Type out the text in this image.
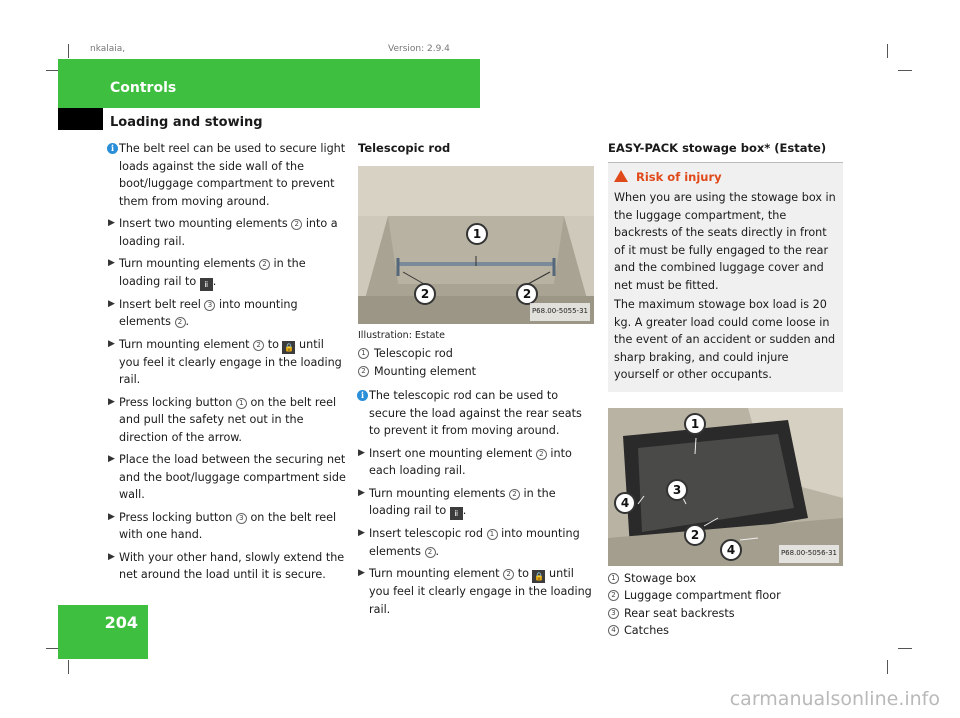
nkalaia,	Version: 2.9.4
Controls
Loading and stowing
i The belt reel can be used to secure light loads against the side wall of the boot/luggage compartment to prevent them from moving around.
▶ Insert two mounting elements 2 into a loading rail.
▶ Turn mounting elements 2 in the loading rail to ⅱ .
▶ Insert belt reel 3 into mounting elements 2 .
▶ Turn mounting element 2 to 🔒 until you feel it clearly engage in the loading rail.
▶ Press locking button 1 on the belt reel and pull the safety net out in the direction of the arrow.
▶ Place the load between the securing net and the boot/luggage compartment side wall.
▶ Press locking button 3 on the belt reel with one hand.
▶ With your other hand, slowly extend the net around the load until it is secure.
Telescopic rod
1
2	2
P68.00-5055-31
Illustration: Estate
1 Telescopic rod
2 Mounting element
i The telescopic rod can be used to secure the load against the rear seats to prevent it from moving around.
▶ Insert one mounting element 2 into each loading rail.
▶ Turn mounting elements 2 in the loading rail to ⅱ .
▶ Insert telescopic rod 1 into mounting elements 2 .
▶ Turn mounting element 2 to 🔒 until you feel it clearly engage in the loading rail.
EASY-PACK stowage box* (Estate)
Risk of injury
When you are using the stowage box in the luggage compartment, the backrests of the seats directly in front of it must be fully engaged to the rear and the combined luggage cover and net must be fitted.
The maximum stowage box load is 20 kg. A greater load could come loose in the event of an accident or sudden and sharp braking, and could injure yourself or other occupants.
1
3
4
2
4	P68.00-5056-31
1 Stowage box
2 Luggage compartment floor
3 Rear seat backrests
4 Catches
204
carmanualsonline.info
